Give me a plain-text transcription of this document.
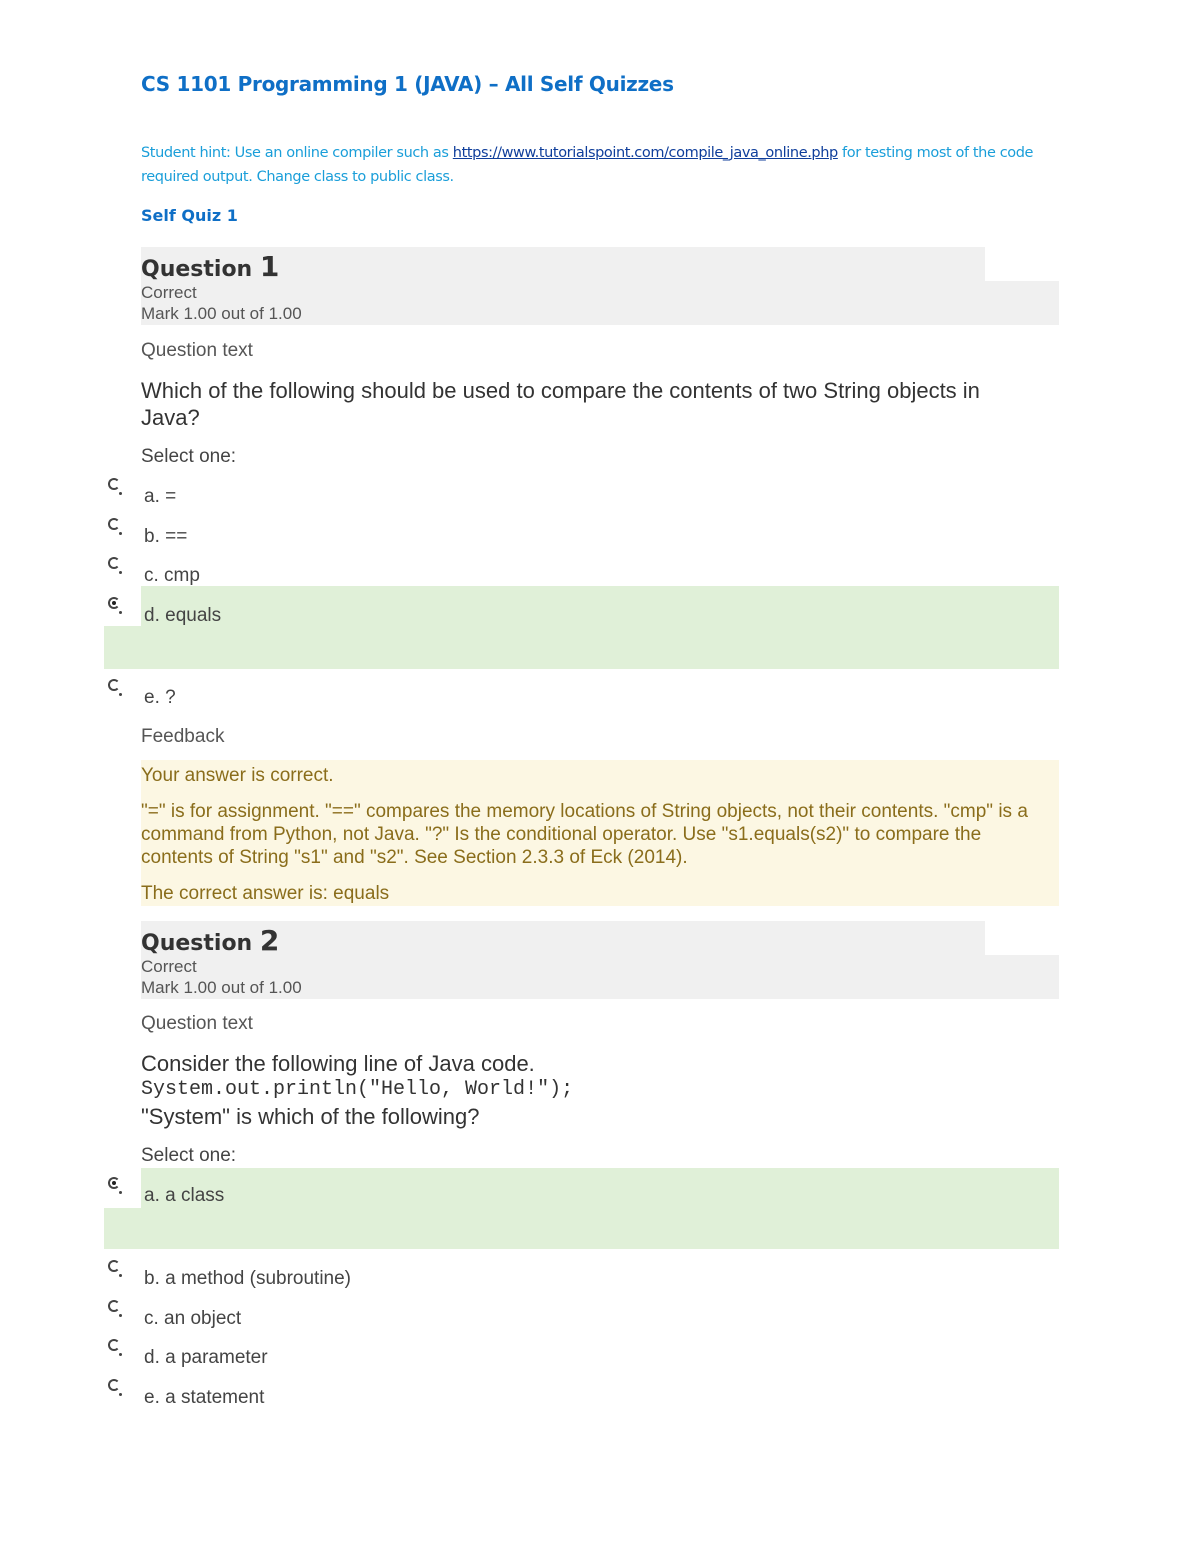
CS 1101 Programming 1 (JAVA) – All Self Quizzes
Student hint: Use an online compiler such as https://www.tutorialspoint.com/compile_java_online.php for testing most of the code required output. Change class to public class.
Self Quiz 1
Question 1
Correct
Mark 1.00 out of 1.00
Question text
Which of the following should be used to compare the contents of two String objects in Java?
Select one:
a. =
b. ==
c. cmp
d. equals
e. ?
Feedback
Your answer is correct.
"=" is for assignment. "==" compares the memory locations of String objects, not their contents. "cmp" is a command from Python, not Java. "?" Is the conditional operator. Use "s1.equals(s2)" to compare the contents of String "s1" and "s2". See Section 2.3.3 of Eck (2014).
The correct answer is: equals
Question 2
Correct
Mark 1.00 out of 1.00
Question text
Consider the following line of Java code.
System.out.println("Hello, World!");
"System" is which of the following?
Select one:
a. a class
b. a method (subroutine)
c. an object
d. a parameter
e. a statement
